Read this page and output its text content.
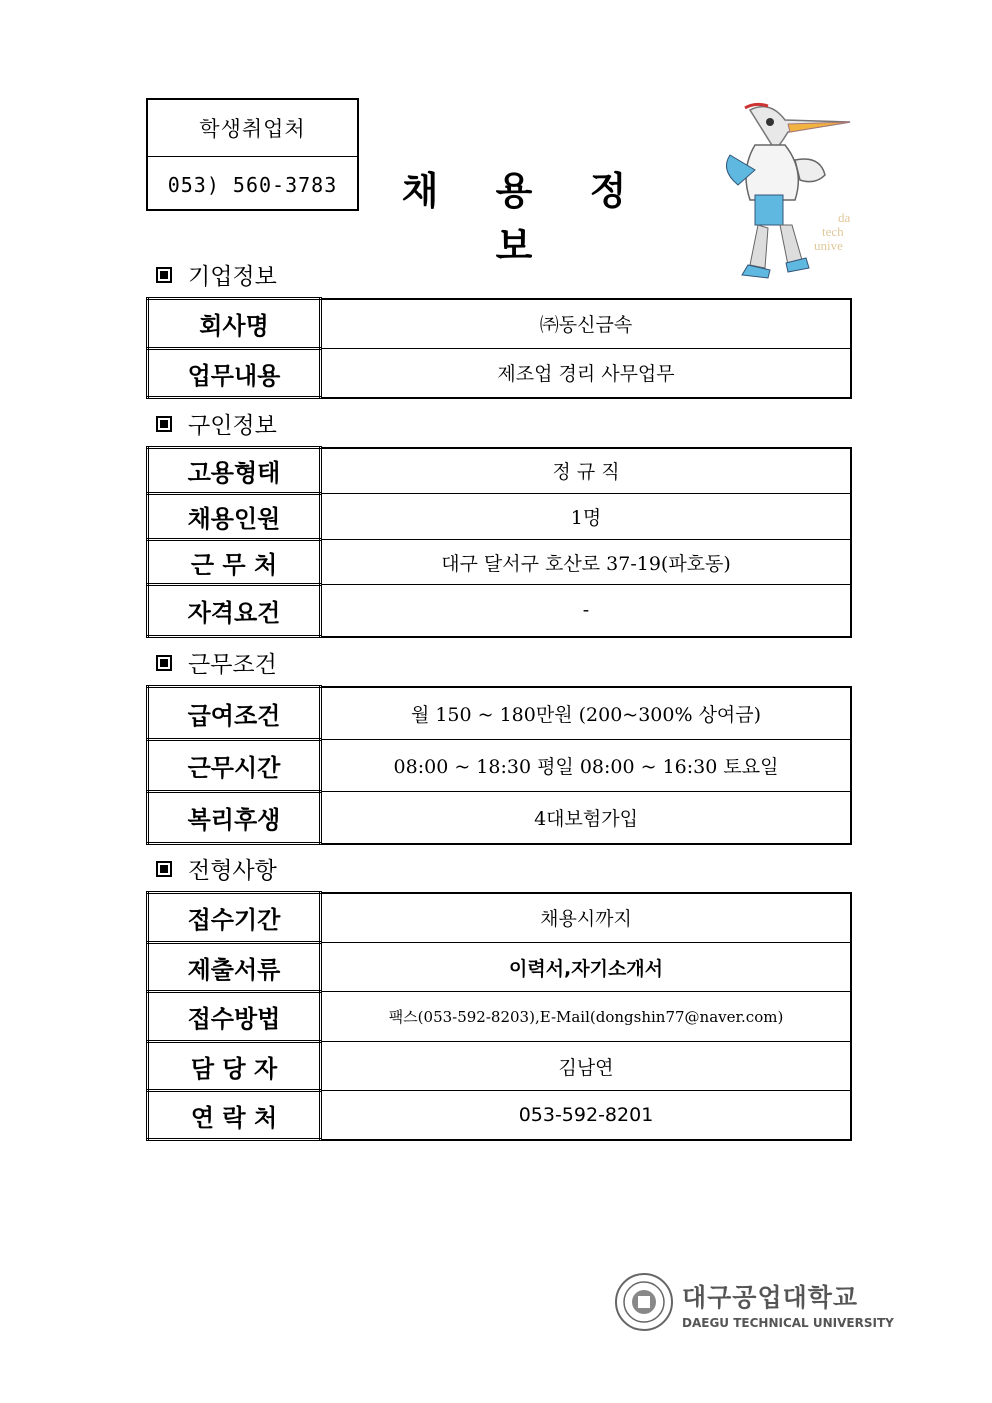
학생취업처
053) 560-3783	채 용 정 보
da
tech
unive
기업정보
회사명	㈜동신금속
업무내용	제조업 경리 사무업무
구인정보
고용형태	정 규 직
채용인원	1명
근 무 처	대구 달서구 호산로 37-19(파호동)
자격요건	-
근무조건
급여조건	월 150 ~ 180만원 (200~300% 상여금)
근무시간	08:00 ~ 18:30 평일 08:00 ~ 16:30 토요일
복리후생	4대보험가입
전형사항
접수기간	채용시까지
제출서류	이력서,자기소개서
접수방법	팩스(053-592-8203),E-Mail(dongshin77@naver.com)
담 당 자	김남연
연 락 처	053-592-8201
대구공업대학교
DAEGU TECHNICAL UNIVERSITY
